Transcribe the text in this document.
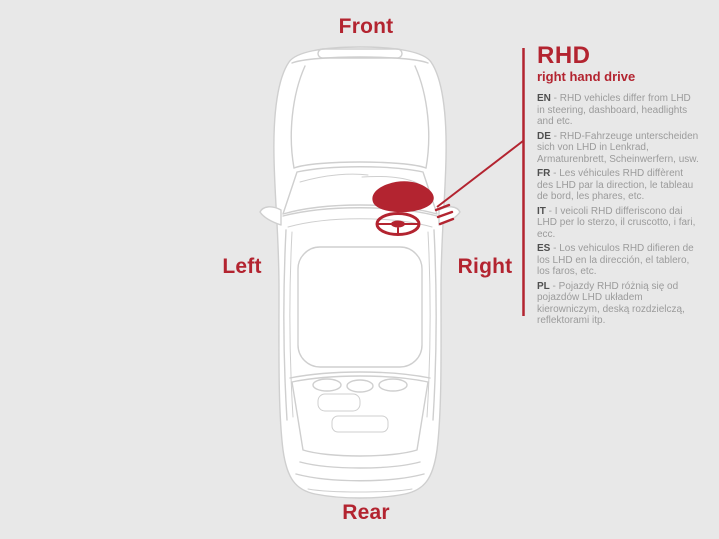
Front
Left	Right
Rear
RHD
right hand drive
EN - RHD vehicles differ from LHD in steering, dashboard, headlights and etc.
DE - RHD-Fahrzeuge unterscheiden sich von LHD in Lenkrad, Armaturenbrett, Scheinwerfern, usw.
FR - Les véhicules RHD diffèrent des LHD par la direction, le tableau de bord, les phares, etc.
IT - I veicoli RHD differiscono dai LHD per lo sterzo, il cruscotto, i fari, ecc.
ES - Los vehiculos RHD difieren de los LHD en la dirección, el tablero, los faros, etc.
PL - Pojazdy RHD różnią się od pojazdów LHD układem kierowniczym, deską rozdzielczą, reflektorami itp.
